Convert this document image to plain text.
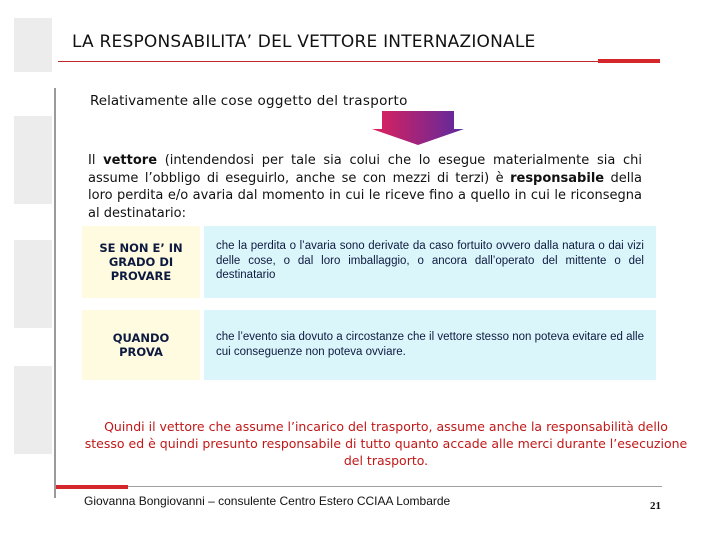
LA RESPONSABILITA’ DEL VETTORE INTERNAZIONALE
Relativamente alle cose oggetto del trasporto
Il vettore (intendendosi per tale sia colui che lo esegue materialmente sia chi assume l’obbligo di eseguirlo, anche se con mezzi di terzi) è responsabile della loro perdita e/o avaria dal momento in cui le riceve fino a quello in cui le riconsegna al destinatario:
SE NON E’ IN
GRADO DI
PROVARE
che la perdita o l’avaria sono derivate da caso fortuito ovvero dalla natura o dai vizi delle cose, o dal loro imballaggio, o ancora dall’operato del mittente o del destinatario
QUANDO
PROVA
che l’evento sia dovuto a circostanze che il vettore stesso non poteva evitare ed alle cui conseguenze non poteva ovviare.
Quindi il vettore che assume l’incarico del trasporto, assume anche la responsabilità dello stesso ed è quindi presunto responsabile di tutto quanto accade alle merci durante l’esecuzione del trasporto.
Giovanna Bongiovanni – consulente Centro Estero CCIAA Lombarde	21
